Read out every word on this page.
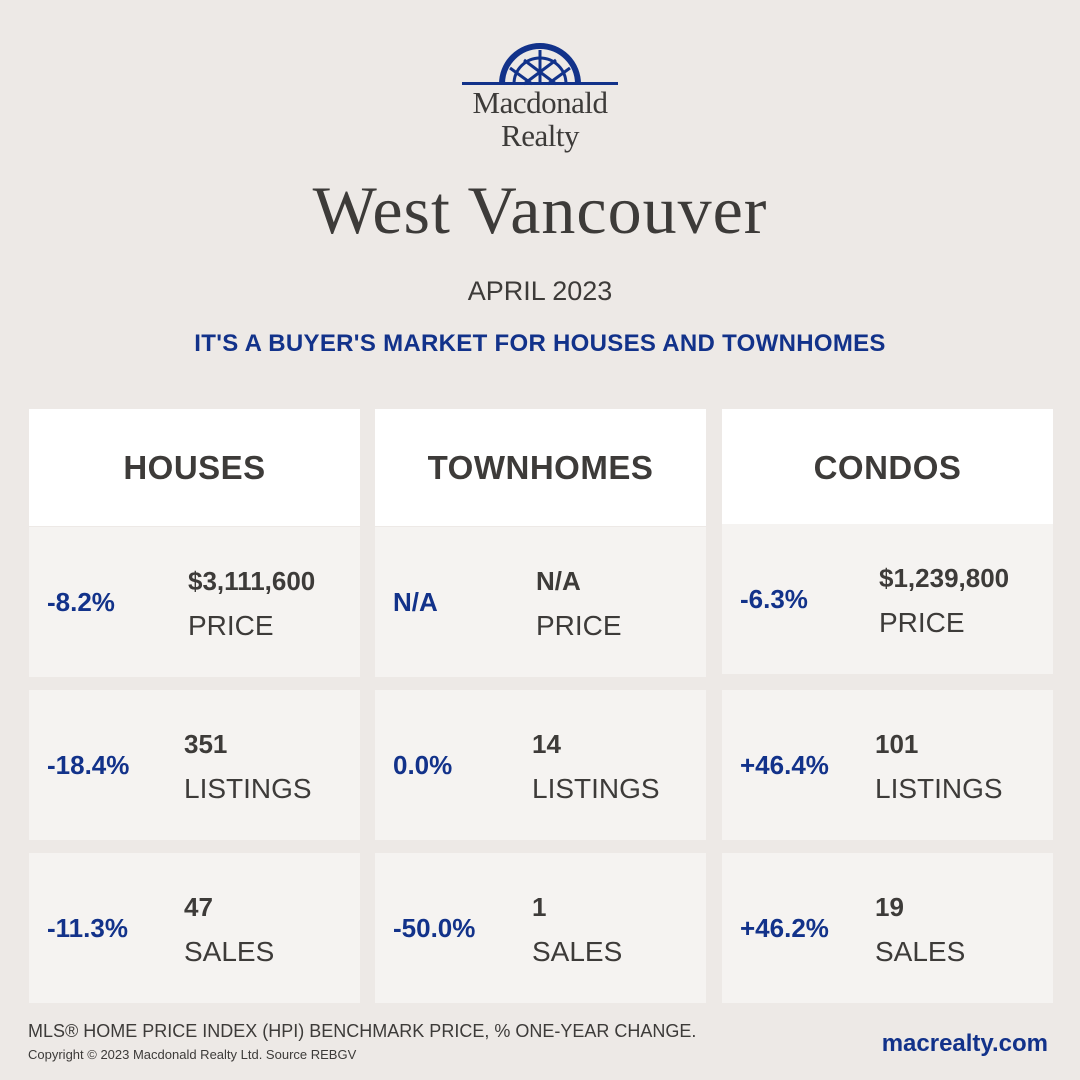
Macdonald
Realty
West Vancouver
APRIL 2023
IT'S A BUYER'S MARKET FOR HOUSES AND TOWNHOMES
HOUSES
-8.2%
$3,111,600
PRICE
-18.4%
351
LISTINGS
-11.3%
47
SALES
TOWNHOMES
N/A
N/A
PRICE
0.0%
14
LISTINGS
-50.0%
1
SALES
CONDOS
-6.3%
$1,239,800
PRICE
+46.4%
101
LISTINGS
+46.2%
19
SALES
MLS® HOME PRICE INDEX (HPI) BENCHMARK PRICE, % ONE-YEAR CHANGE.
Copyright © 2023 Macdonald Realty Ltd. Source REBGV	macrealty.com
